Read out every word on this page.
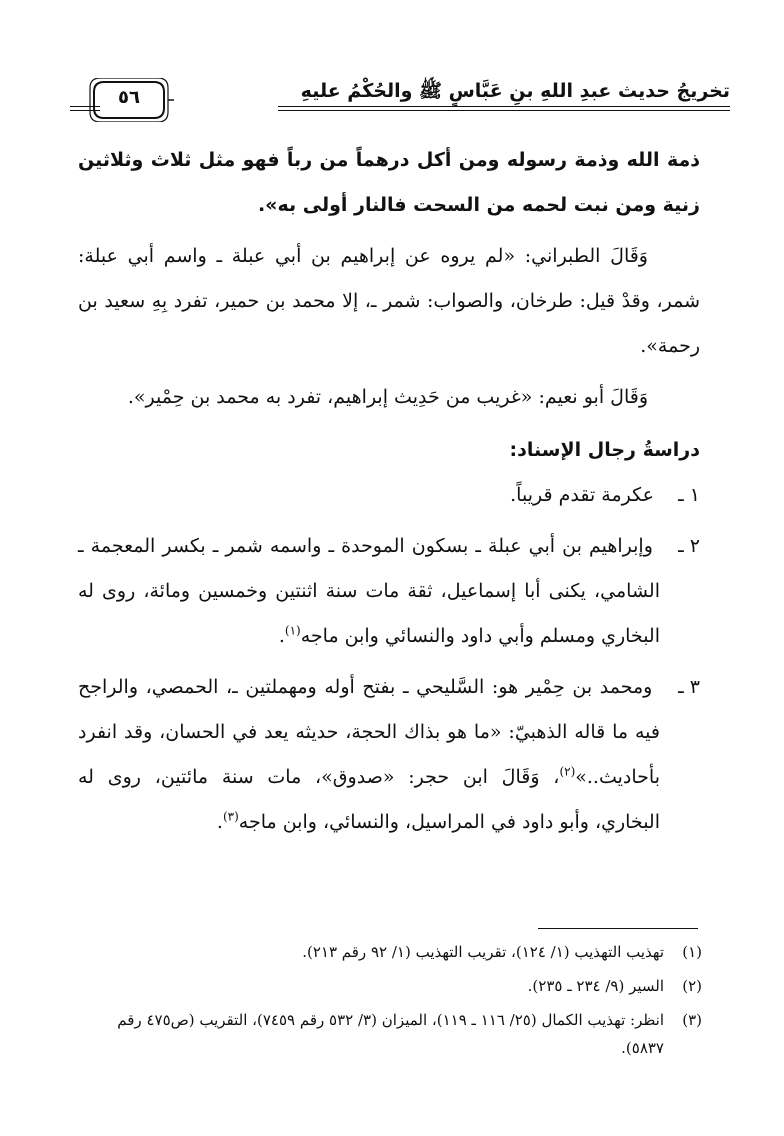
٥٦	تخريجُ حديث عبدِ اللهِ بنِ عَبَّاسٍ ﷺ والحُكْمُ عليهِ

ذمة الله وذمة رسوله ومن أكل درهماً من رباً فهو مثل ثلاث وثلاثين زنية ومن نبت لحمه من السحت فالنار أولى به».

وَقَالَ الطبراني: «لم يروه عن إبراهيم بن أبي عبلة ـ واسم أبي عبلة: شمر، وقدْ قيل: طرخان، والصواب: شمر ـ، إلا محمد بن حمير، تفرد بِهِ سعيد بن رحمة».

وَقَالَ أبو نعيم: «غريب من حَدِيث إبراهيم، تفرد به محمد بن حِمْير».

دراسةُ رجال الإسناد:

١ ـ عكرمة تقدم قريباً.

٢ ـ وإبراهيم بن أبي عبلة ـ بسكون الموحدة ـ واسمه شمر ـ بكسر المعجمة ـ الشامي، يكنى أبا إسماعيل، ثقة مات سنة اثنتين وخمسين ومائة، روى له البخاري ومسلم وأبي داود والنسائي وابن ماجه$^{(١)}$.

٣ ـ ومحمد بن حِمْير هو: السَّليحي ـ بفتح أوله ومهملتين ـ، الحمصي، والراجح فيه ما قاله الذهبيّ: «ما هو بذاك الحجة، حديثه يعد في الحسان، وقد انفرد بأحاديث..»$^{(٢)}$، وَقَالَ ابن حجر: «صدوق»، مات سنة مائتين، روى له البخاري، وأبو داود في المراسيل، والنسائي، وابن ماجه$^{(٣)}$.

(١)تهذيب التهذيب (١/ ١٢٤)، تقريب التهذيب (١/ ٩٢ رقم ٢١٣).

(٢)السير (٩/ ٢٣٤ ـ ٢٣٥).

(٣)انظر: تهذيب الكمال (٢٥/ ١١٦ ـ ١١٩)، الميزان (٣/ ٥٣٢ رقم ٧٤٥٩)، التقريب (ص٤٧٥ رقم ٥٨٣٧).
